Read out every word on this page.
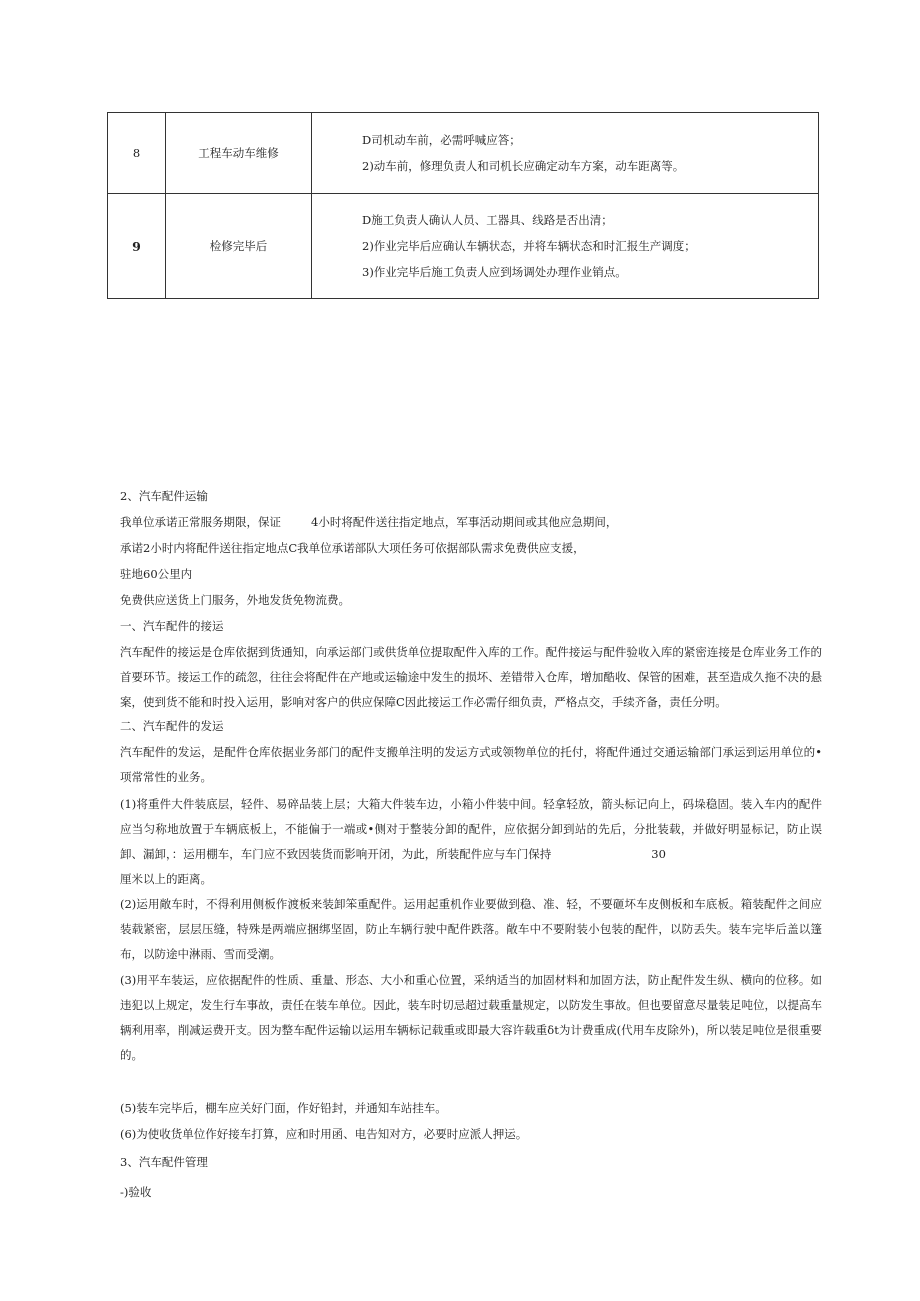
8	工程车动车维修	D司机动车前，必需呼喊应答；
2)动车前，修理负责人和司机长应确定动车方案，动车距离等。

9	检修完毕后	D施工负责人确认人员、工器具、线路是否出清；
2)作业完毕后应确认车辆状态，并将车辆状态和时汇报生产调度；
3)作业完毕后施工负责人应到场调处办理作业销点。
2、汽车配件运输
我单位承诺正常服务期限，保证	4小时将配件送往指定地点，军事活动期间或其他应急期间，
承诺2小时内将配件送往指定地点C我单位承诺部队大项任务可依据部队需求免费供应支援，
驻地60公里内
免费供应送货上门服务，外地发货免物流费。
一、汽车配件的接运
汽车配件的接运是仓库依据到货通知，向承运部门或供货单位提取配件入库的工作。配件接运与配件验收入库的紧密连接是仓库业务工作的首要环节。接运工作的疏忽，往往会将配件在产地或运输途中发生的损坏、差错带入仓库，增加酷收、保管的困难，甚至造成久拖不决的悬案，使到货不能和时投入运用，影响对客户的供应保障C因此接运工作必需仔细负责，严格点交，手续齐备，责任分明。
二、汽车配件的发运
汽车配件的发运，是配件仓库依据业务部门的配件支搬单注明的发运方式或领物单位的托付，将配件通过交通运输部门承运到运用单位的•项常常性的业务。
(1)将重件大件装底层，轻件、易碎品装上层；大箱大件装车边，小箱小件装中间。轻拿轻放，箭头标记向上，码垛稳固。装入车内的配件应当匀称地放置于车辆底板上，不能偏于一端或•侧对于整装分卸的配件，应依据分卸到站的先后，分批装载，并做好明显标记，防止误卸、漏卸，：运用棚车，车门应不致因装货而影响开闭，为此，所装配件应与车门保持	30
厘米以上的距离。
(2)运用敞车时，不得利用侧板作渡板来装卸笨重配件。运用起重机作业要做到稳、准、轻，不要砸坏车皮侧板和车底板。箱装配件之间应装载紧密，层层压缝，特殊是两端应捆绑坚固，防止车辆行驶中配件跌落。敞车中不要附装小包装的配件，以防丢失。装车完毕后盖以篷布，以防途中淋雨、雪而受潮。
(3)用平车装运，应依据配件的性质、重量、形态、大小和重心位置，采纳适当的加固材料和加固方法，防止配件发生纵、横向的位移。如违犯以上规定，发生行车事故，责任在装车单位。因此，装车时切忌超过载重量规定，以防发生事故。但也要留意尽量装足吨位，以提高车辆利用率，削减运费开支。因为整车配件运输以运用车辆标记载重或即最大容许载重δt为计费重成(代用车皮除外)，所以装足吨位是很重要的。
(5)装车完毕后，棚车应关好门面，作好铅封，并通知车站挂车。
(6)为使收货单位作好接车打算，应和时用函、电告知对方，必要时应派人押运。
3、汽车配件管理
-)验收
